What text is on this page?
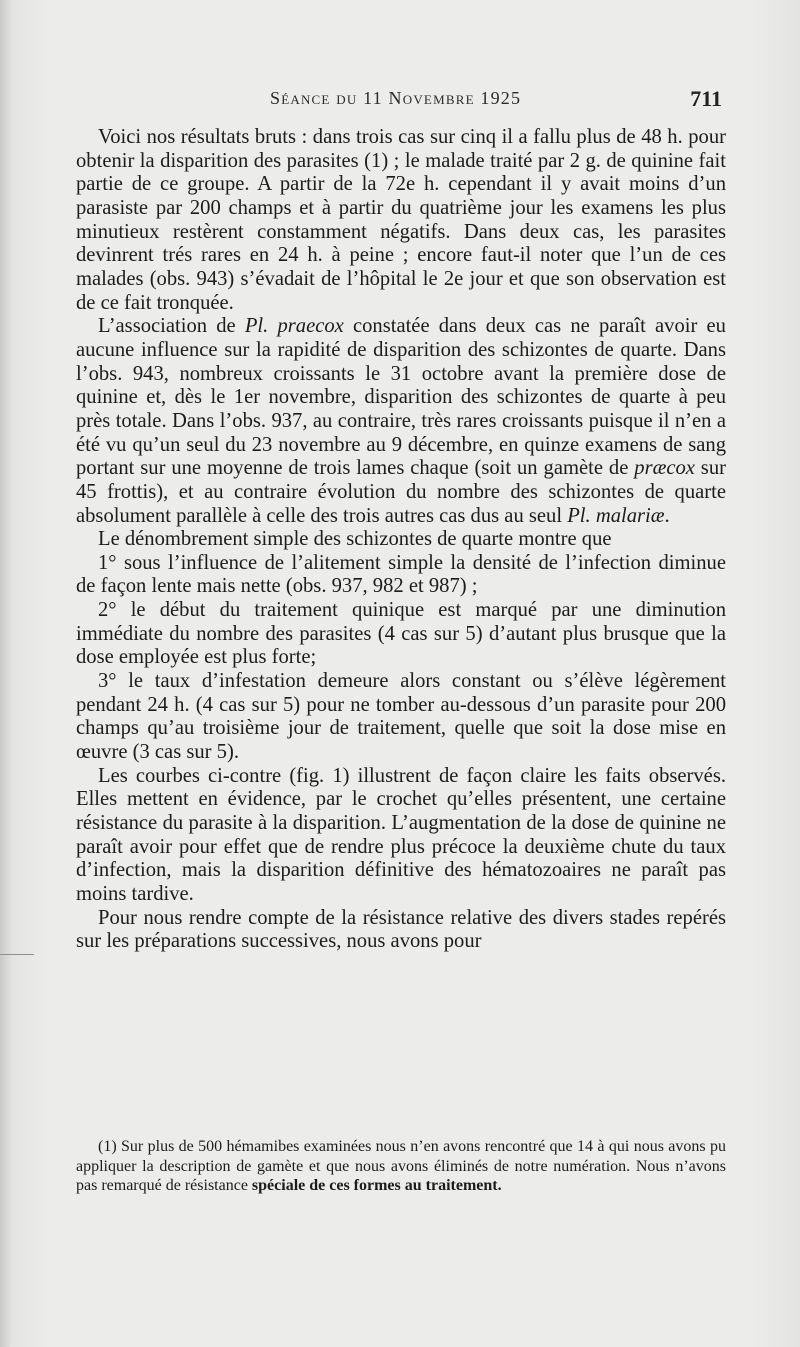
Séance du 11 Novembre 1925	711

Voici nos résultats bruts : dans trois cas sur cinq il a fallu plus de 48 h. pour obtenir la disparition des parasites (1) ; le malade traité par 2 g. de quinine fait partie de ce groupe. A partir de la 72e h. cependant il y avait moins d’un parasiste par 200 champs et à partir du quatrième jour les examens les plus minutieux restèrent constamment négatifs. Dans deux cas, les parasites devinrent trés rares en 24 h. à peine ; encore faut-il noter que l’un de ces malades (obs. 943) s’évadait de l’hôpital le 2e jour et que son observation est de ce fait tronquée.

L’association de Pl. praecox constatée dans deux cas ne paraît avoir eu aucune influence sur la rapidité de disparition des schizontes de quarte. Dans l’obs. 943, nombreux croissants le 31 octobre avant la première dose de quinine et, dès le 1er novembre, disparition des schizontes de quarte à peu près totale. Dans l’obs. 937, au contraire, très rares croissants puisque il n’en a été vu qu’un seul du 23 novembre au 9 décembre, en quinze examens de sang portant sur une moyenne de trois lames chaque (soit un gamète de præcox sur 45 frottis), et au contraire évolution du nombre des schizontes de quarte absolument parallèle à celle des trois autres cas dus au seul Pl. malariæ.

Le dénombrement simple des schizontes de quarte montre que

1° sous l’influence de l’alitement simple la densité de l’infection diminue de façon lente mais nette (obs. 937, 982 et 987) ;

2° le début du traitement quinique est marqué par une diminution immédiate du nombre des parasites (4 cas sur 5) d’autant plus brusque que la dose employée est plus forte;

3° le taux d’infestation demeure alors constant ou s’élève légèrement pendant 24 h. (4 cas sur 5) pour ne tomber au-dessous d’un parasite pour 200 champs qu’au troisième jour de traitement, quelle que soit la dose mise en œuvre (3 cas sur 5).

Les courbes ci-contre (fig. 1) illustrent de façon claire les faits observés. Elles mettent en évidence, par le crochet qu’elles présentent, une certaine résistance du parasite à la disparition. L’augmentation de la dose de quinine ne paraît avoir pour effet que de rendre plus précoce la deuxième chute du taux d’infection, mais la disparition définitive des hématozoaires ne paraît pas moins tardive.

Pour nous rendre compte de la résistance relative des divers stades repérés sur les préparations successives, nous avons pour

(1) Sur plus de 500 hémamibes examinées nous n’en avons rencontré que 14 à qui nous avons pu appliquer la description de gamète et que nous avons éliminés de notre numération. Nous n’avons pas remarqué de résistance spéciale de ces formes au traitement.
